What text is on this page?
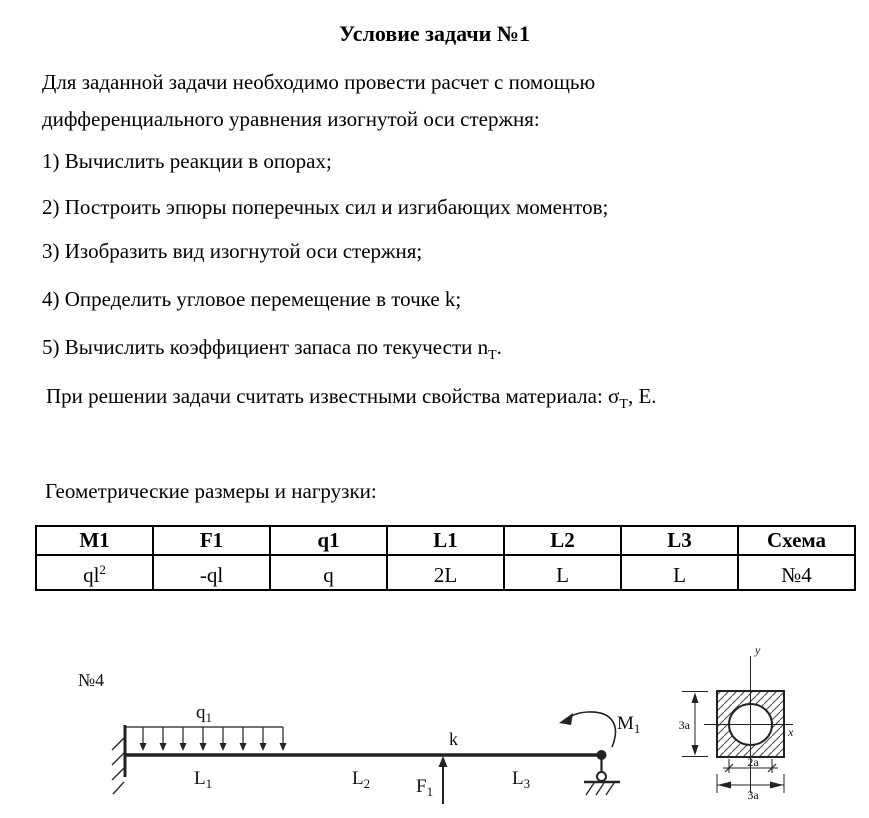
Условие задачи №1

Для заданной задачи необходимо провести расчет с помощью дифференциального уравнения изогнутой оси стержня:

1) Вычислить реакции в опорах;

2) Построить эпюры поперечных сил и изгибающих моментов;

3) Изобразить вид изогнутой оси стержня;

4) Определить угловое перемещение в точке k;

5) Вычислить коэффициент запаса по текучести $n_Т$.

При решении задачи считать известными свойства материала: $\sigma_Т$, Е.

Геометрические размеры и нагрузки:

M1	F1	q1	L1	L2	L3	Схема
$ql^2$	-ql	q	2L	L	L	№4
№4
$q_1$
$L_1$	$L_2$	$L_3$
k
$F_1$
$M_1$
y
x
3a
2a
3a
